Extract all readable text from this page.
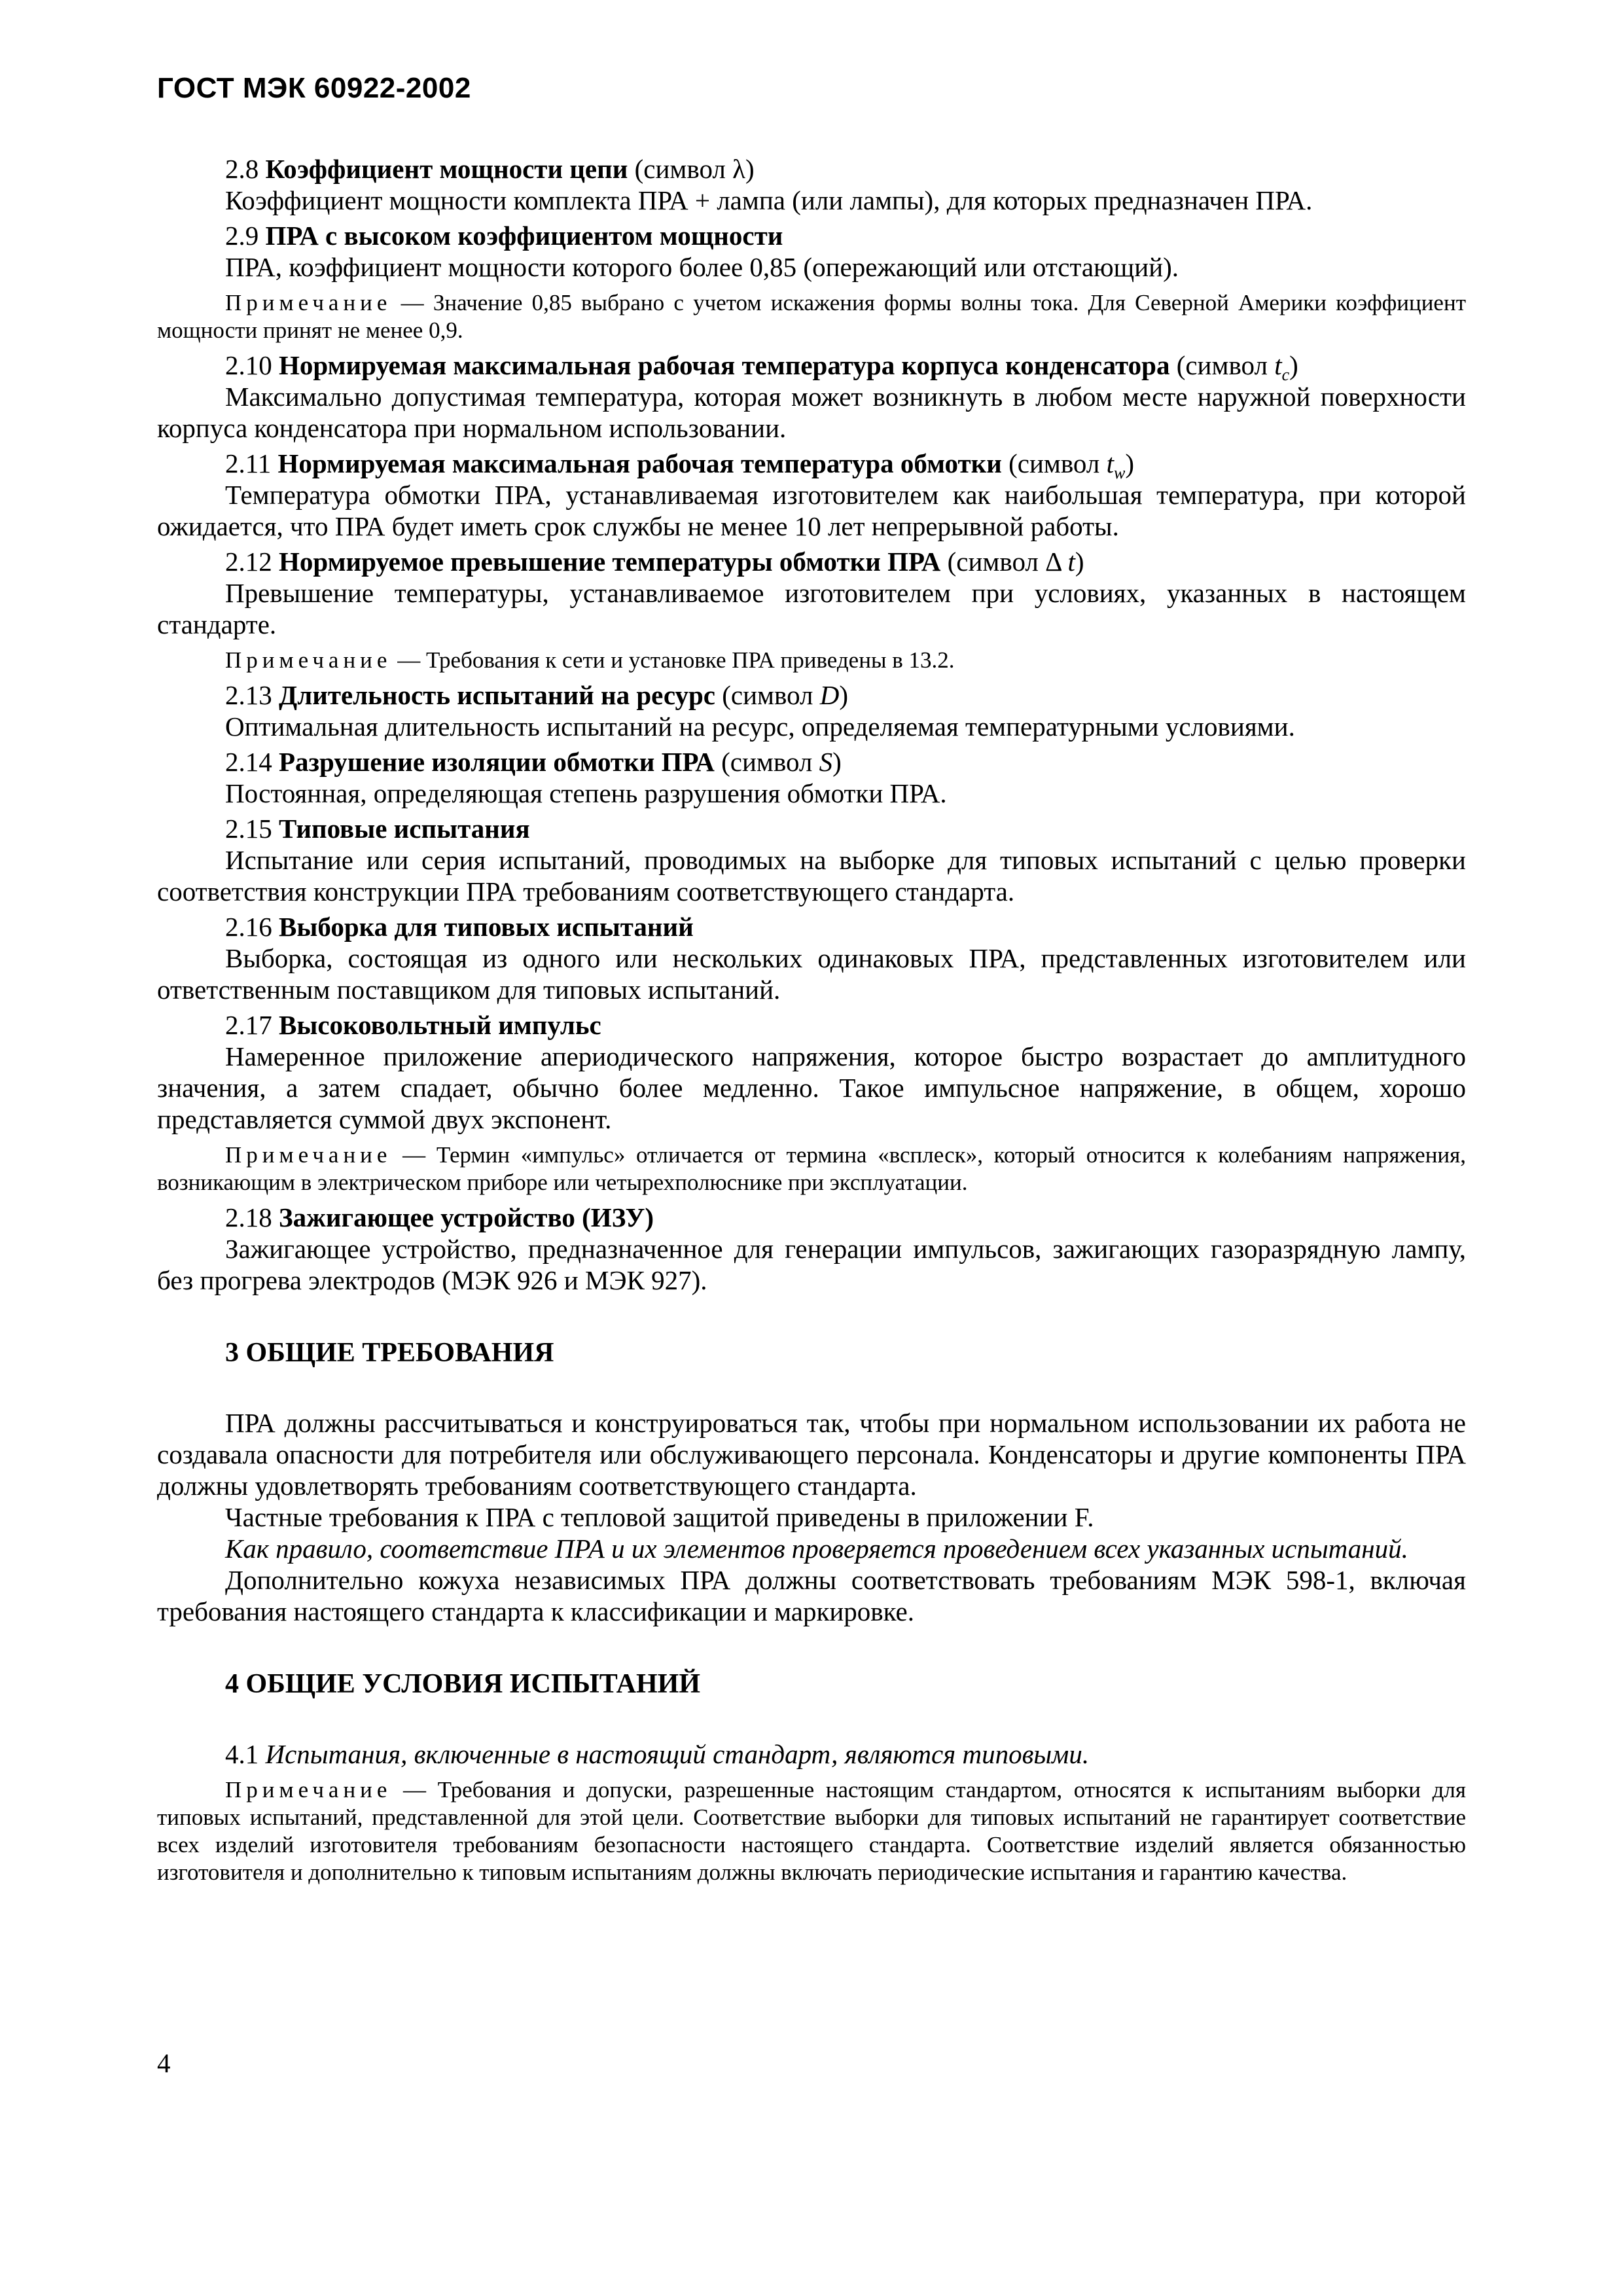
ГОСТ МЭК 60922-2002

2.8 Коэффициент мощности цепи (символ λ)

Коэффициент мощности комплекта ПРА + лампа (или лампы), для которых предназначен ПРА.

2.9 ПРА с высоком коэффициентом мощности

ПРА, коэффициент мощности которого более 0,85 (опережающий или отстающий).

Примечание — Значение 0,85 выбрано с учетом искажения формы волны тока. Для Северной Америки коэффициент мощности принят не менее 0,9.

2.10 Нормируемая максимальная рабочая температура корпуса конденсатора (символ $t_c$)

Максимально допустимая температура, которая может возникнуть в любом месте наружной поверхности корпуса конденсатора при нормальном использовании.

2.11 Нормируемая максимальная рабочая температура обмотки (символ $t_w$)

Температура обмотки ПРА, устанавливаемая изготовителем как наибольшая температура, при которой ожидается, что ПРА будет иметь срок службы не менее 10 лет непрерывной работы.

2.12 Нормируемое превышение температуры обмотки ПРА (символ Δ t)

Превышение температуры, устанавливаемое изготовителем при условиях, указанных в настоящем стандарте.

Примечание — Требования к сети и установке ПРА приведены в 13.2.

2.13 Длительность испытаний на ресурс (символ D)

Оптимальная длительность испытаний на ресурс, определяемая температурными условиями.

2.14 Разрушение изоляции обмотки ПРА (символ S)

Постоянная, определяющая степень разрушения обмотки ПРА.

2.15 Типовые испытания

Испытание или серия испытаний, проводимых на выборке для типовых испытаний с целью проверки соответствия конструкции ПРА требованиям соответствующего стандарта.

2.16 Выборка для типовых испытаний

Выборка, состоящая из одного или нескольких одинаковых ПРА, представленных изготовителем или ответственным поставщиком для типовых испытаний.

2.17 Высоковольтный импульс

Намеренное приложение апериодического напряжения, которое быстро возрастает до амплитудного значения, а затем спадает, обычно более медленно. Такое импульсное напряжение, в общем, хорошо представляется суммой двух экспонент.

Примечание — Термин «импульс» отличается от термина «всплеск», который относится к колебаниям напряжения, возникающим в электрическом приборе или четырехполюснике при эксплуатации.

2.18 Зажигающее устройство (ИЗУ)

Зажигающее устройство, предназначенное для генерации импульсов, зажигающих газоразрядную лампу, без прогрева электродов (МЭК 926 и МЭК 927).

3 ОБЩИЕ ТРЕБОВАНИЯ

ПРА должны рассчитываться и конструироваться так, чтобы при нормальном использовании их работа не создавала опасности для потребителя или обслуживающего персонала. Конденсаторы и другие компоненты ПРА должны удовлетворять требованиям соответствующего стандарта.

Частные требования к ПРА с тепловой защитой приведены в приложении F.

Как правило, соответствие ПРА и их элементов проверяется проведением всех указанных испытаний.

Дополнительно кожуха независимых ПРА должны соответствовать требованиям МЭК 598-1, включая требования настоящего стандарта к классификации и маркировке.

4 ОБЩИЕ УСЛОВИЯ ИСПЫТАНИЙ

4.1 Испытания, включенные в настоящий стандарт, являются типовыми.

Примечание — Требования и допуски, разрешенные настоящим стандартом, относятся к испытаниям выборки для типовых испытаний, представленной для этой цели. Соответствие выборки для типовых испытаний не гарантирует соответствие всех изделий изготовителя требованиям безопасности настоящего стандарта. Соответствие изделий является обязанностью изготовителя и дополнительно к типовым испытаниям должны включать периодические испытания и гарантию качества.

4
